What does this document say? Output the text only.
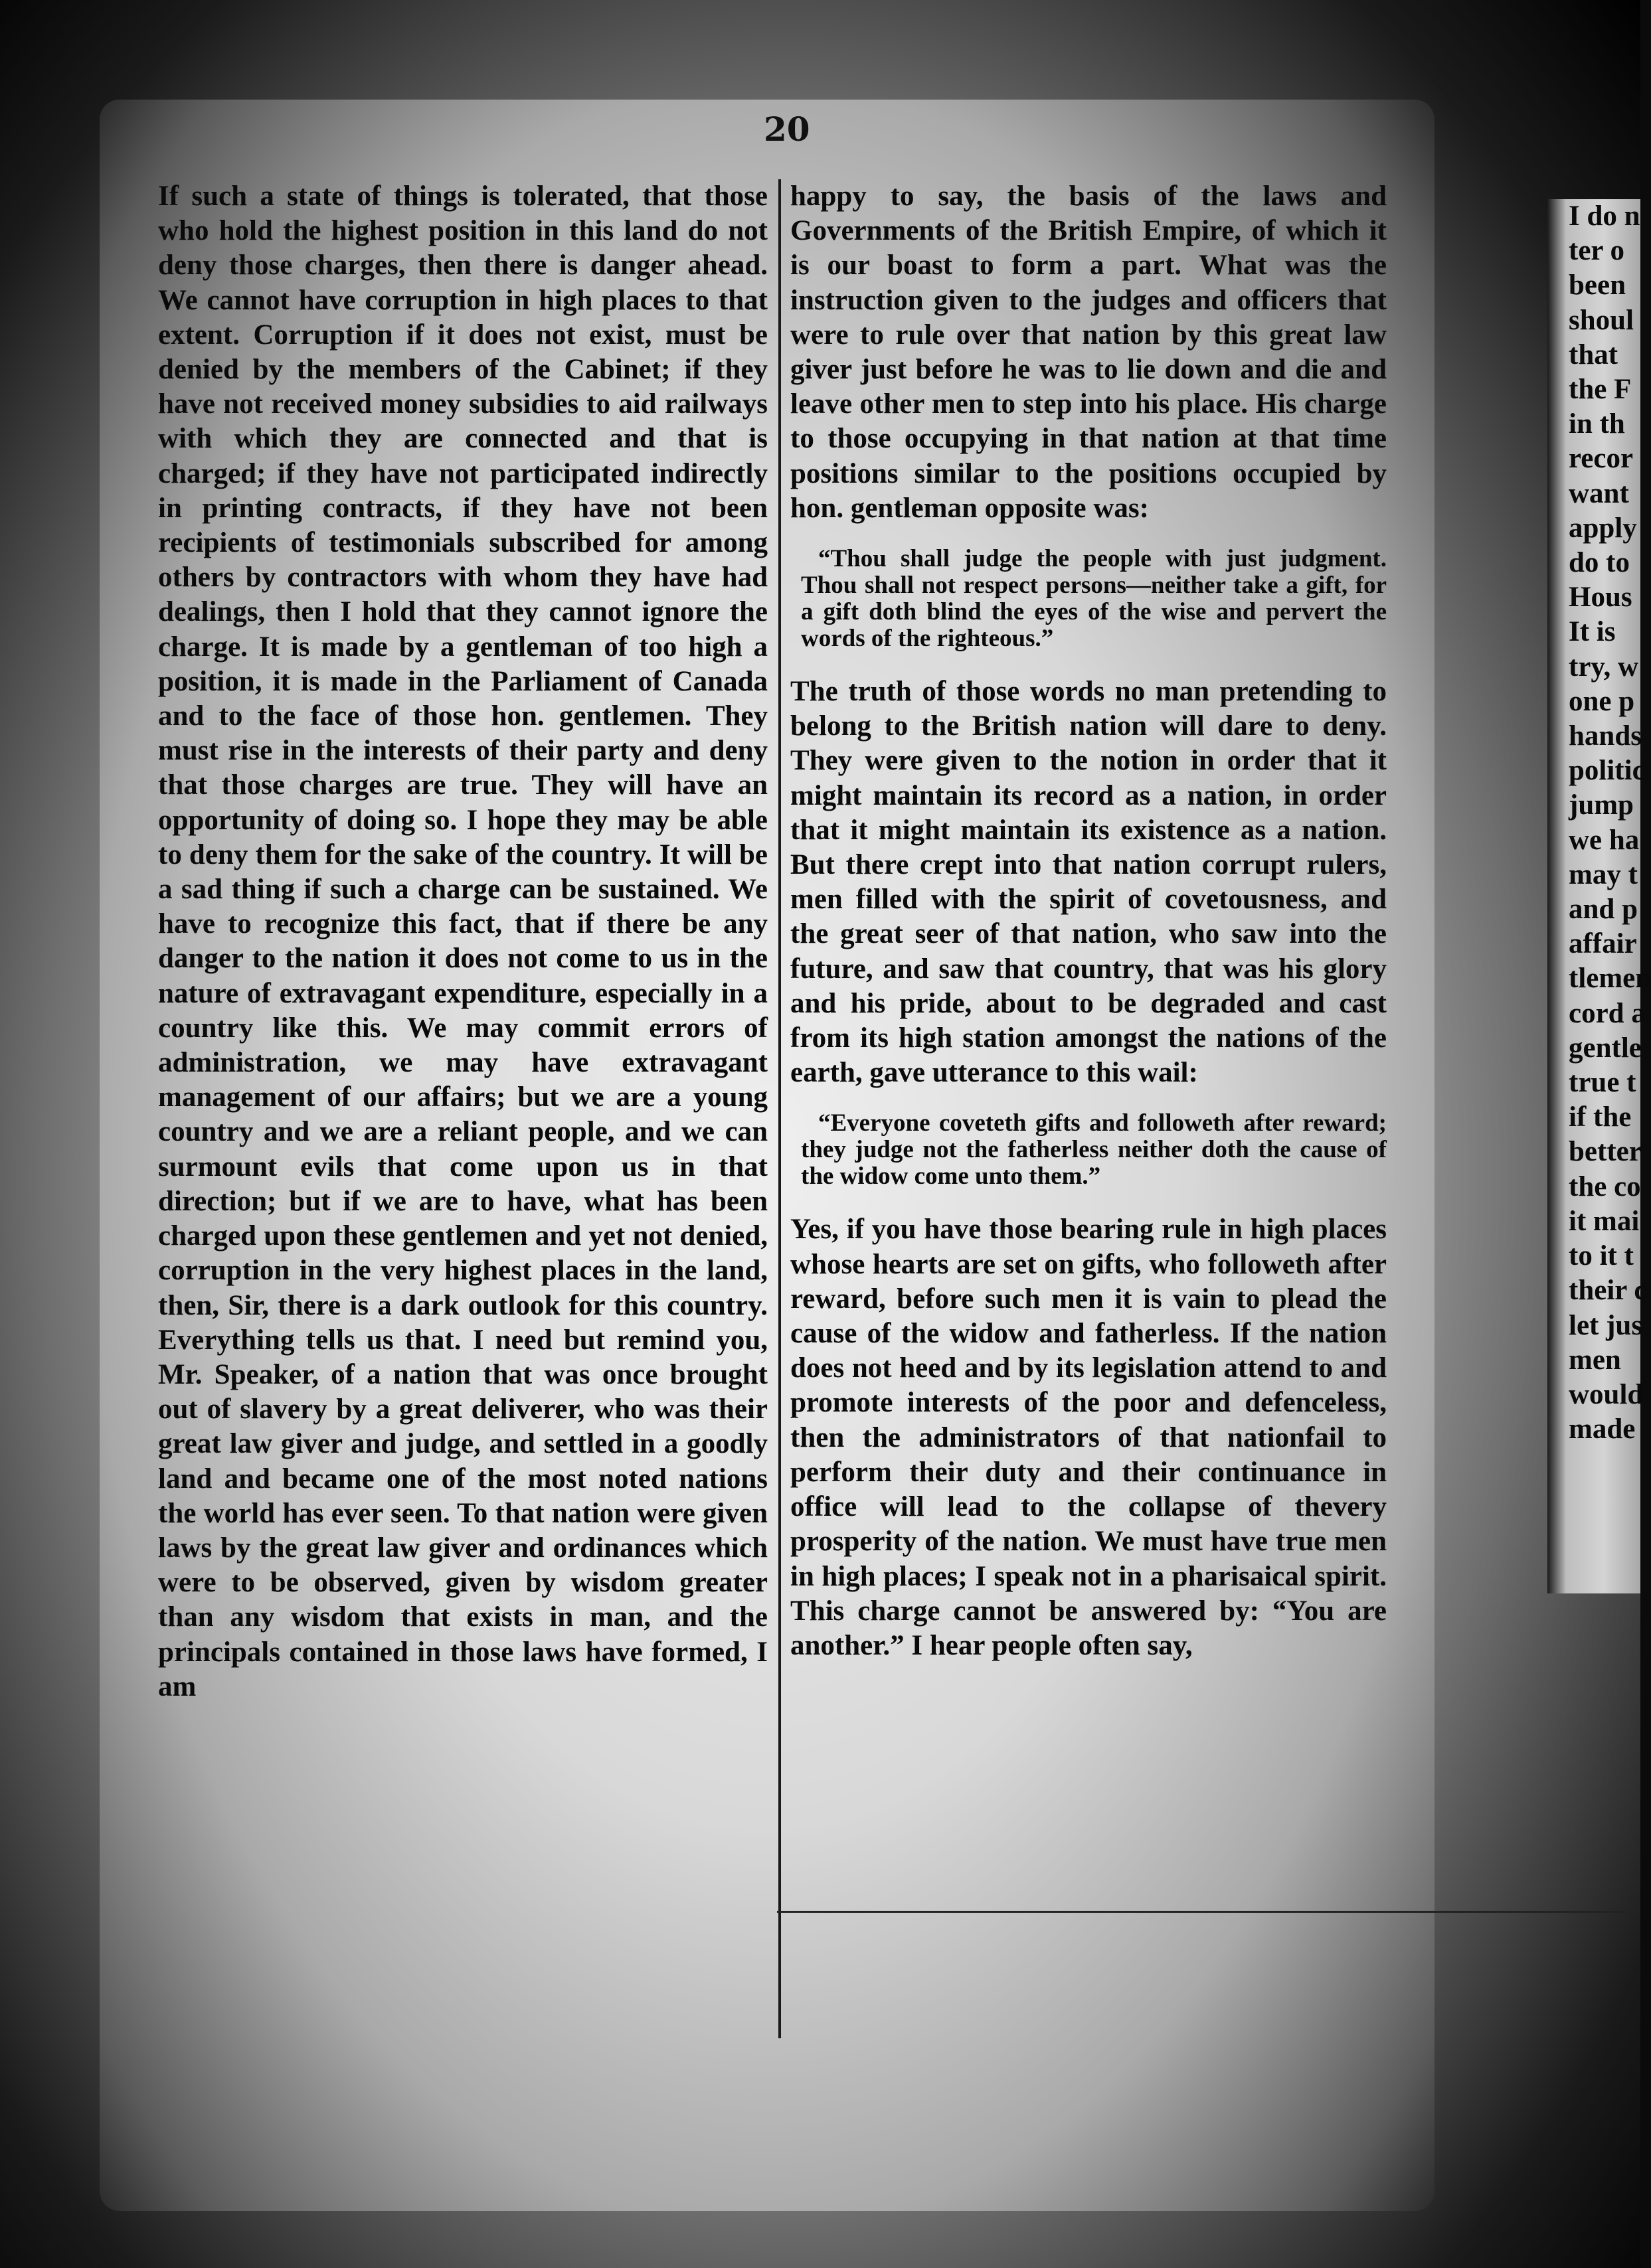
20

If such a state of things is tolerated, that those who hold the highest position in this land do not deny those charges, then there is danger ahead. We cannot have corruption in high places to that extent. Corruption if it does not exist, must be denied by the members of the Cabinet; if they have not received money subsidies to aid railways with which they are connected and that is charged; if they have not participated indirectly in printing contracts, if they have not been recipients of testimonials subscribed for among others by contractors with whom they have had dealings, then I hold that they cannot ignore the charge. It is made by a gentleman of too high a position, it is made in the Parliament of Canada and to the face of those hon. gentlemen. They must rise in the interests of their party and deny that those charges are true. They will have an opportunity of doing so. I hope they may be able to deny them for the sake of the country. It will be a sad thing if such a charge can be sustained. We have to recognize this fact, that if there be any danger to the nation it does not come to us in the nature of extravagant expenditure, especially in a country like this. We may commit errors of administration, we may have extravagant management of our affairs; but we are a young country and we are a reliant people, and we can surmount evils that come upon us in that direction; but if we are to have, what has been charged upon these gentlemen and yet not denied, corruption in the very highest places in the land, then, Sir, there is a dark outlook for this country. Everything tells us that. I need but remind you, Mr. Speaker, of a nation that was once brought out of slavery by a great deliverer, who was their great law giver and judge, and settled in a goodly land and became one of the most noted nations the world has ever seen. To that nation were given laws by the great law giver and ordinances which were to be observed, given by wisdom greater than any wisdom that exists in man, and the principals contained in those laws have formed, I am

happy to say, the basis of the laws and Governments of the British Empire, of which it is our boast to form a part. What was the instruction given to the judges and officers that were to rule over that nation by this great law giver just before he was to lie down and die and leave other men to step into his place. His charge to those occupying in that nation at that time positions similar to the positions occupied by hon. gentleman opposite was:

“Thou shall judge the people with just judgment. Thou shall not respect persons—neither take a gift, for a gift doth blind the eyes of the wise and pervert the words of the righteous.”

The truth of those words no man pretending to belong to the British nation will dare to deny. They were given to the notion in order that it might maintain its record as a nation, in order that it might maintain its existence as a nation. But there crept into that nation corrupt rulers, men filled with the spirit of covetousness, and the great seer of that nation, who saw into the future, and saw that country, that was his glory and his pride, about to be degraded and cast from its high station amongst the nations of the earth, gave utterance to this wail:

“Everyone coveteth gifts and followeth after reward; they judge not the fatherless neither doth the cause of the widow come unto them.”

Yes, if you have those bearing rule in high places whose hearts are set on gifts, who followeth after reward, before such men it is vain to plead the cause of the widow and fatherless. If the nation does not heed and by its legislation attend to and promote interests of the poor and defenceless, then the administrators of that nationfail to perform their duty and their continuance in office will lead to the collapse of thevery prosperity of the nation. We must have true men in high places; I speak not in a pharisaical spirit. This charge cannot be answered by: “You are another.” I hear people often say,

I do n
ter o
been
shoul
that
the F
in th
recor
want
apply
do to
Hous
It is
try, w
one p
hands
politic
jump
we ha
may t
and p
affair
tlemen
cord a
gentle
true t
if the
better
the co
it mai
to it t
their c
let jus
men
would
made
